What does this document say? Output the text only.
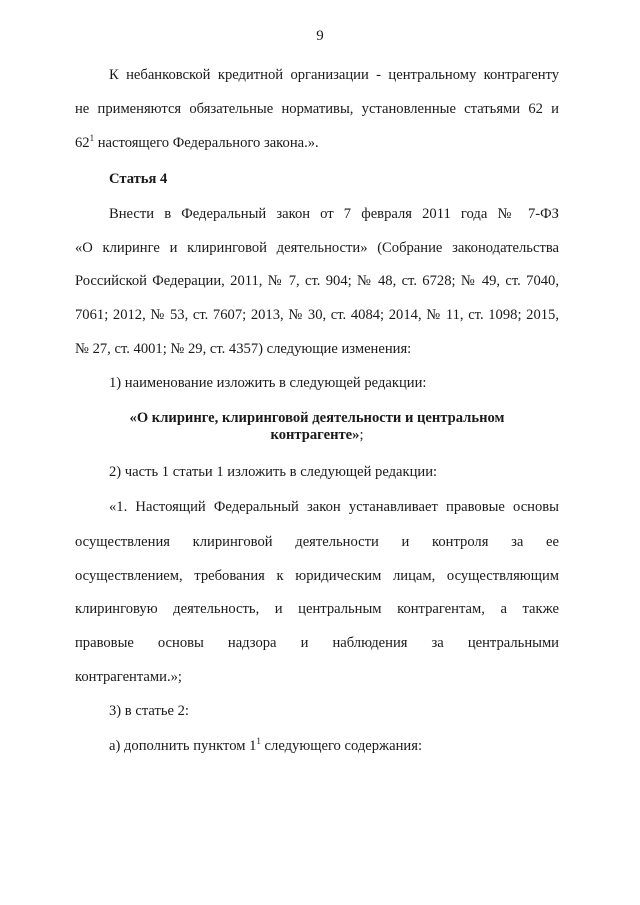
9
К небанковской кредитной организации - центральному контрагенту
не применяются обязательные нормативы, установленные статьями 62 и
$62^1$ настоящего Федерального закона.».
Статья 4
Внести в Федеральный закон от 7 февраля 2011 года № 7-ФЗ
«О клиринге и клиринговой деятельности» (Собрание законодательства
Российской Федерации, 2011, № 7, ст. 904; № 48, ст. 6728; № 49, ст. 7040,
7061; 2012, № 53, ст. 7607; 2013, № 30, ст. 4084; 2014, № 11, ст. 1098; 2015,
№ 27, ст. 4001; № 29, ст. 4357) следующие изменения:
1) наименование изложить в следующей редакции:
«О клиринге, клиринговой деятельности и центральном
контрагенте»;
2) часть 1 статьи 1 изложить в следующей редакции:
«1. Настоящий Федеральный закон устанавливает правовые основы
осуществления клиринговой деятельности и контроля за ее
осуществлением, требования к юридическим лицам, осуществляющим
клиринговую деятельность, и центральным контрагентам, а также
правовые основы надзора и наблюдения за центральными
контрагентами.»;
3) в статье 2:
а) дополнить пунктом $1^1$ следующего содержания:
